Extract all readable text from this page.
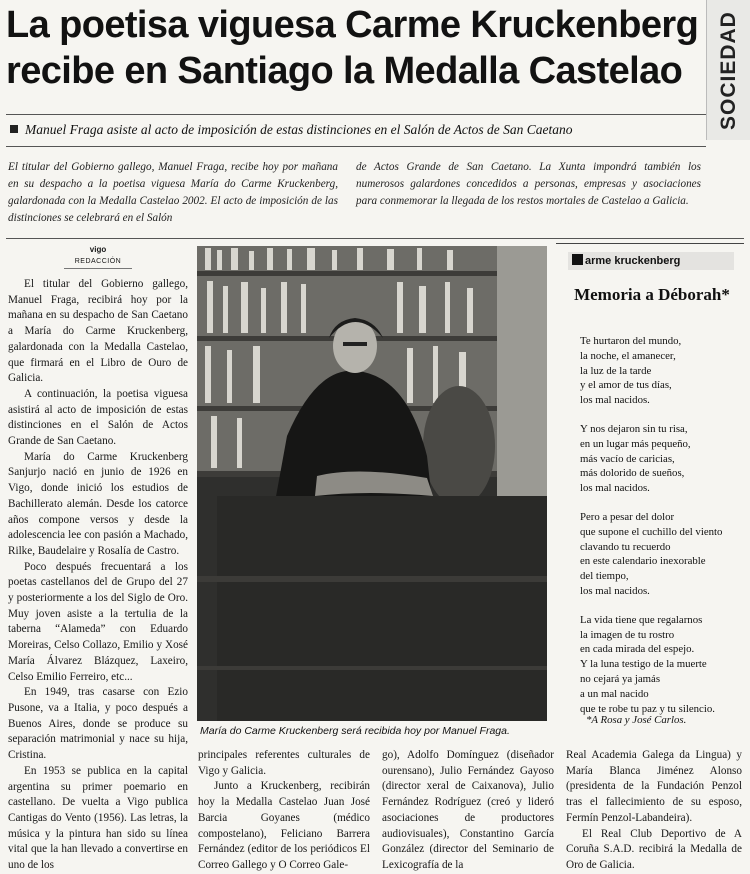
La poetisa viguesa Carme Kruckenberg
recibe en Santiago la Medalla Castelao	SOCIEDAD
Manuel Fraga asiste al acto de imposición de estas distinciones en el Salón de Actos de San Caetano
El titular del Gobierno gallego, Manuel Fraga, recibe hoy por mañana en su despacho a la poetisa viguesa María do Carme Kruckenberg, galardonada con la Medalla Castelao 2002. El acto de imposición de las distinciones se celebrará en el Salón
de Actos Grande de San Caetano. La Xunta impondrá también los numerosos galardones concedidos a personas, empresas y asociaciones para conmemorar la llegada de los restos mortales de Castelao a Galicia.
vigo
REDACCIÓN

El titular del Gobierno gallego, Manuel Fraga, recibirá hoy por la mañana en su despacho de San Caetano a María do Carme Kruckenberg, galardonada con la Medalla Castelao, que firmará en el Libro de Ouro de Galicia.

A continuación, la poetisa viguesa asistirá al acto de imposición de estas distinciones en el Salón de Actos Grande de San Caetano.

María do Carme Kruckenberg Sanjurjo nació en junio de 1926 en Vigo, donde inició los estudios de Bachillerato alemán. Desde los catorce años compone versos y desde la adolescencia lee con pasión a Machado, Rilke, Baudelaire y Rosalía de Castro.

Poco después frecuentará a los poetas castellanos del de Grupo del 27 y posteriormente a los del Siglo de Oro. Muy joven asiste a la tertulia de la taberna “Alameda” con Eduardo Moreiras, Celso Collazo, Emilio y Xosé María Álvarez Blázquez, Laxeiro, Celso Emilio Ferreiro, etc...

En 1949, tras casarse con Ezio Pusone, va a Italia, y poco después a Buenos Aires, donde se produce su separación matrimonial y nace su hija, Cristina.

En 1953 se publica en la capital argentina su primer poemario en castellano. De vuelta a Vigo publica Cantigas do Vento (1956). Las letras, la música y la pintura han sido su línea vital que la han llevado a convertirse en uno de los

María do Carme Kruckenberg será recibida hoy por Manuel Fraga.
arme kruckenberg
Memoria a Déborah*
Te hurtaron del mundo,
la noche, el amanecer,
la luz de la tarde
y el amor de tus días,
los mal nacidos.
Y nos dejaron sin tu risa,
en un lugar más pequeño,
más vacío de caricias,
más dolorido de sueños,
los mal nacidos.
Pero a pesar del dolor
que supone el cuchillo del viento
clavando tu recuerdo
en este calendario inexorable
del tiempo,
los mal nacidos.
La vida tiene que regalarnos
la imagen de tu rostro
en cada mirada del espejo.
Y la luna testigo de la muerte
no cejará ya jamás
a un mal nacido
que te robe tu paz y tu silencio.
*A Rosa y José Carlos.

principales referentes culturales de Vigo y Galicia.

Junto a Kruckenberg, recibirán hoy la Medalla Castelao Juan José Barcia Goyanes (médico compostelano), Feliciano Barrera Fernández (editor de los periódicos El Correo Gallego y O Correo Gale-

go), Adolfo Domínguez (diseñador ourensano), Julio Fernández Gayoso (director xeral de Caixanova), Julio Fernández Rodríguez (creó y lideró asociaciones de productores audiovisuales), Constantino García González (director del Seminario de Lexicografía de la

Real Academia Galega da Lingua) y María Blanca Jiménez Alonso (presidenta de la Fundación Penzol tras el fallecimiento de su esposo, Fermín Penzol-Labandeira).

El Real Club Deportivo de A Coruña S.A.D. recibirá la Medalla de Oro de Galicia.
